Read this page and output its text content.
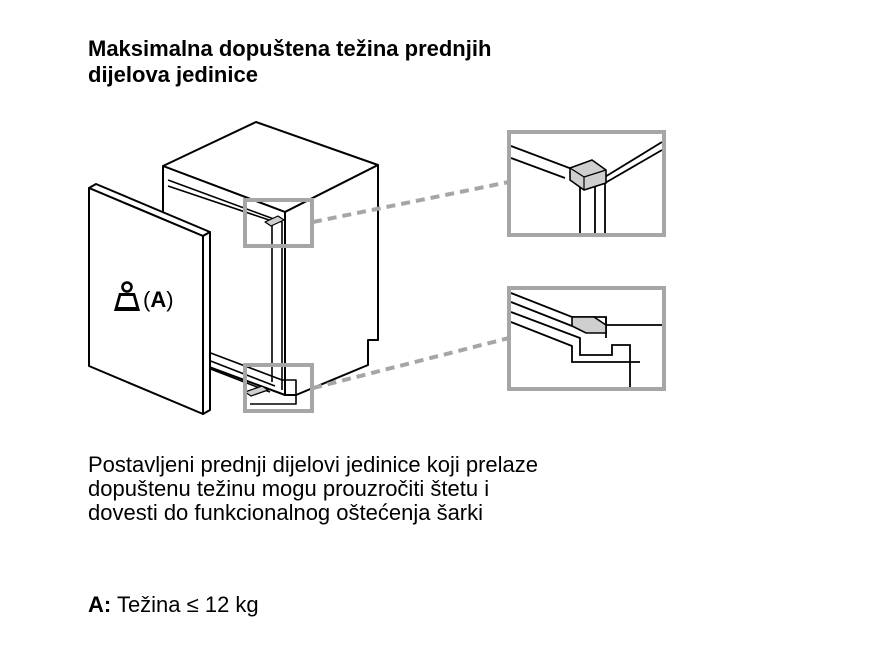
Maksimalna dopuštena težina prednjih
dijelova jedinice
(A)
Postavljeni prednji dijelovi jedinice koji prelaze
dopuštenu težinu mogu prouzročiti štetu i
dovesti do funkcionalnog oštećenja šarki
A: Težina ≤ 12 kg
